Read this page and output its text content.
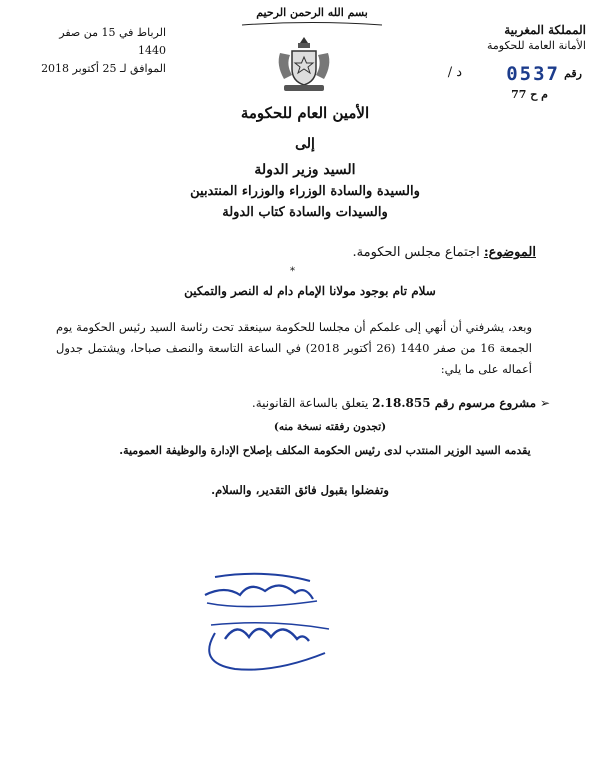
المملكة المغربية
الأمانة العامة للحكومة
رقم
0537
/ د
م ح 77
بسم الله الرحمن الرحيم
الرباط في 15 من صفر 1440
الموافق لـ 25 أكتوبر 2018
الأمين العام للحكومة
إلى
السيد وزير الدولة
والسيدة والسادة الوزراء والوزراء المنتدبين
والسيدات والسادة كتاب الدولة
الموضوع: اجتماع مجلس الحكومة.
*
سلام تام بوجود مولانا الإمام دام له النصر والتمكين
وبعد، يشرفني أن أنهي إلى علمكم أن مجلسا للحكومة سينعقد تحت رئاسة السيد رئيس الحكومة يوم الجمعة 16 من صفر 1440 (26 أكتوبر 2018) في الساعة التاسعة والنصف صباحا، ويشتمل جدول أعماله على ما يلي:
➢ مشروع مرسوم رقم 2.18.855 يتعلق بالساعة القانونية.
(تجدون رفقته نسخة منه)
يقدمه السيد الوزير المنتدب لدى رئيس الحكومة المكلف بإصلاح الإدارة والوظيفة العمومية.
وتفضلوا بقبول فائق التقدير، والسلام.
